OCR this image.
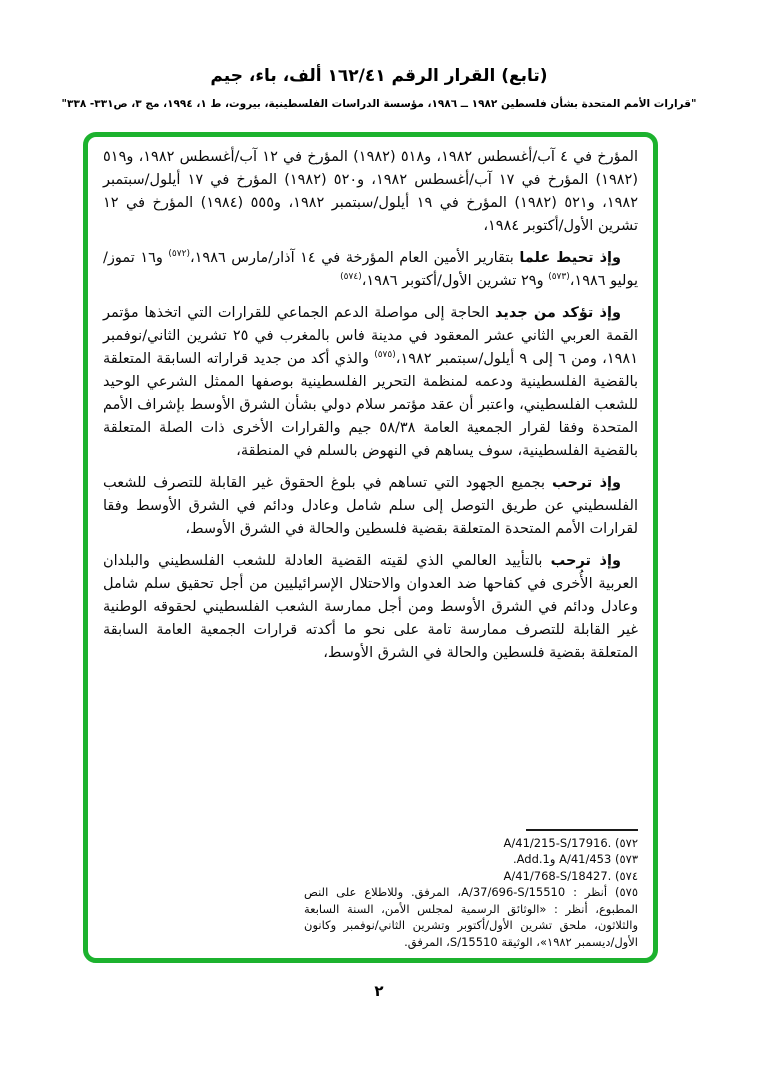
(تابع) القرار الرقم ١٦٢/٤١ ألف، باء، جيم
"قرارات الأمم المتحدة بشأن فلسطين ١٩٨٢ ــ ١٩٨٦، مؤسسة الدراسات الفلسطينية، بيروت، ط ١، ١٩٩٤، مج ٣، ص٣٣١- ٣٣٨"

المؤرخ في ٤ آب/أغسطس ١٩٨٢، و٥١٨ (١٩٨٢) المؤرخ في ١٢ آب/أغسطس ١٩٨٢، و٥١٩ (١٩٨٢) المؤرخ في ١٧ آب/أغسطس ١٩٨٢، و٥٢٠ (١٩٨٢) المؤرخ في ١٧ أيلول/سبتمبر ١٩٨٢، و٥٢١ (١٩٨٢) المؤرخ في ١٩ أيلول/سبتمبر ١٩٨٢، و٥٥٥ (١٩٨٤) المؤرخ في ١٢ تشرين الأول/أكتوبر ١٩٨٤،

وإذ تحيط علما بتقارير الأمين العام المؤرخة في ١٤ آذار/مارس ١٩٨٦،$^{(٥٧٢)}$ و١٦ تموز/يوليو ١٩٨٦،$^{(٥٧٣)}$ و٢٩ تشرين الأول/أكتوبر ١٩٨٦،$^{(٥٧٤)}$

وإذ تؤكد من جديد الحاجة إلى مواصلة الدعم الجماعي للقرارات التي اتخذها مؤتمر القمة العربي الثاني عشر المعقود في مدينة فاس بالمغرب في ٢٥ تشرين الثاني/نوفمبر ١٩٨١، ومن ٦ إلى ٩ أيلول/سبتمبر ١٩٨٢،$^{(٥٧٥)}$ والذي أكد من جديد قراراته السابقة المتعلقة بالقضية الفلسطينية ودعمه لمنظمة التحرير الفلسطينية بوصفها الممثل الشرعي الوحيد للشعب الفلسطيني، واعتبر أن عقد مؤتمر سلام دولي بشأن الشرق الأوسط بإشراف الأمم المتحدة وفقا لقرار الجمعية العامة ٥٨/٣٨ جيم والقرارات الأخرى ذات الصلة المتعلقة بالقضية الفلسطينية، سوف يساهم في النهوض بالسلم في المنطقة،

وإذ ترحب بجميع الجهود التي تساهم في بلوغ الحقوق غير القابلة للتصرف للشعب الفلسطيني عن طريق التوصل إلى سلم شامل وعادل ودائم في الشرق الأوسط وفقا لقرارات الأمم المتحدة المتعلقة بقضية فلسطين والحالة في الشرق الأوسط،

وإذ ترحب بالتأييد العالمي الذي لقيته القضية العادلة للشعب الفلسطيني والبلدان العربية الأُخرى في كفاحها ضد العدوان والاحتلال الإسرائيليين من أجل تحقيق سلم شامل وعادل ودائم في الشرق الأوسط ومن أجل ممارسة الشعب الفلسطيني لحقوقه الوطنية غير القابلة للتصرف ممارسة تامة على نحو ما أكدته قرارات الجمعية العامة السابقة المتعلقة بقضية فلسطين والحالة في الشرق الأوسط،

٥٧٢) A/41/215-S/17916.
٥٧٣) A/41/453 وAdd.1.
٥٧٤) A/41/768-S/18427.
٥٧٥) أنظر : A/37/696-S/15510، المرفق. وللاطلاع على النص المطبوع، أنظر : «الوثائق الرسمية لمجلس الأمن، السنة السابعة والثلاثون، ملحق تشرين الأول/أكتوبر وتشرين الثاني/نوفمبر وكانون الأول/ديسمبر ١٩٨٢»، الوثيقة S/15510، المرفق.
٢
